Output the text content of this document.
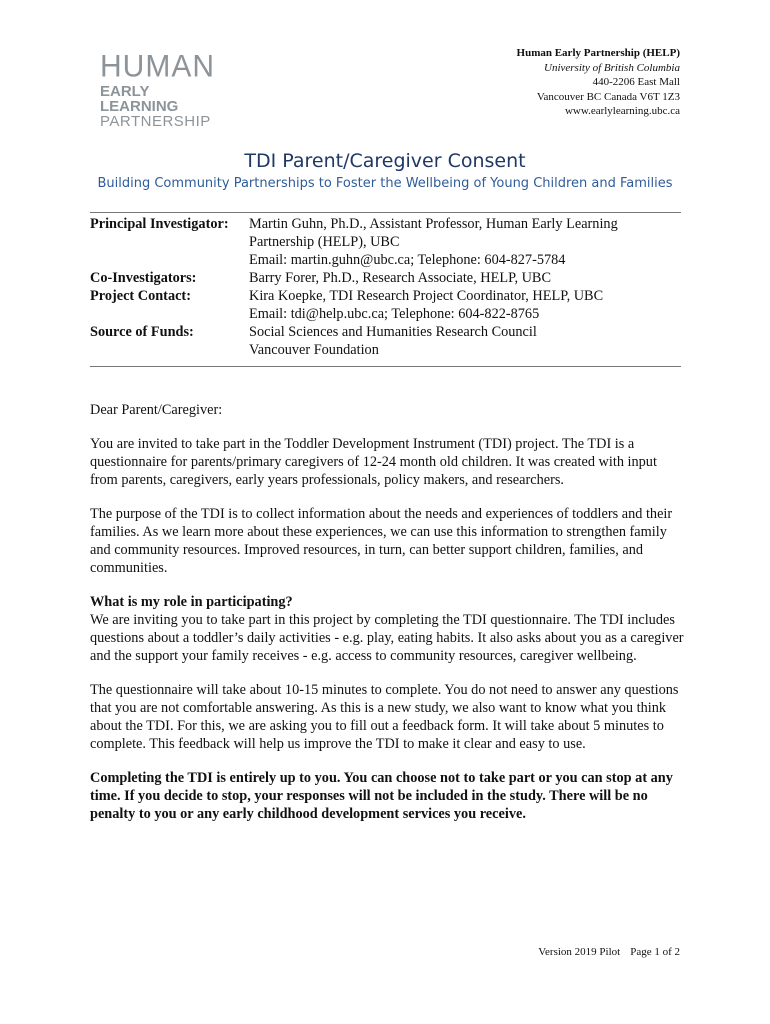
HUMAN
EARLY LEARNING
PARTNERSHIP
Human Early Partnership (HELP)
University of British Columbia
440-2206 East Mall
Vancouver BC Canada V6T 1Z3
www.earlylearning.ubc.ca
TDI Parent/Caregiver Consent
Building Community Partnerships to Foster the Wellbeing of Young Children and Families
Principal Investigator:	Martin Guhn, Ph.D., Assistant Professor, Human Early Learning
Partnership (HELP), UBC
Email: martin.guhn@ubc.ca; Telephone: 604-827-5784
Co-Investigators:	Barry Forer, Ph.D., Research Associate, HELP, UBC
Project Contact:	Kira Koepke, TDI Research Project Coordinator, HELP, UBC
Email: tdi@help.ubc.ca; Telephone: 604-822-8765
Source of Funds:	Social Sciences and Humanities Research Council
Vancouver Foundation

Dear Parent/Caregiver:

You are invited to take part in the Toddler Development Instrument (TDI) project. The TDI is a questionnaire for parents/primary caregivers of 12-24 month old children. It was created with input from parents, caregivers, early years professionals, policy makers, and researchers.

The purpose of the TDI is to collect information about the needs and experiences of toddlers and their families. As we learn more about these experiences, we can use this information to strengthen family and community resources. Improved resources, in turn, can better support children, families, and communities.

What is my role in participating?

We are inviting you to take part in this project by completing the TDI questionnaire. The TDI includes questions about a toddler’s daily activities - e.g. play, eating habits. It also asks about you as a caregiver and the support your family receives - e.g. access to community resources, caregiver wellbeing.

The questionnaire will take about 10-15 minutes to complete. You do not need to answer any questions that you are not comfortable answering. As this is a new study, we also want to know what you think about the TDI. For this, we are asking you to fill out a feedback form. It will take about 5 minutes to complete. This feedback will help us improve the TDI to make it clear and easy to use.

Completing the TDI is entirely up to you. You can choose not to take part or you can stop at any time. If you decide to stop, your responses will not be included in the study. There will be no penalty to you or any early childhood development services you receive.

Version 2019 Pilot Page 1 of 2
